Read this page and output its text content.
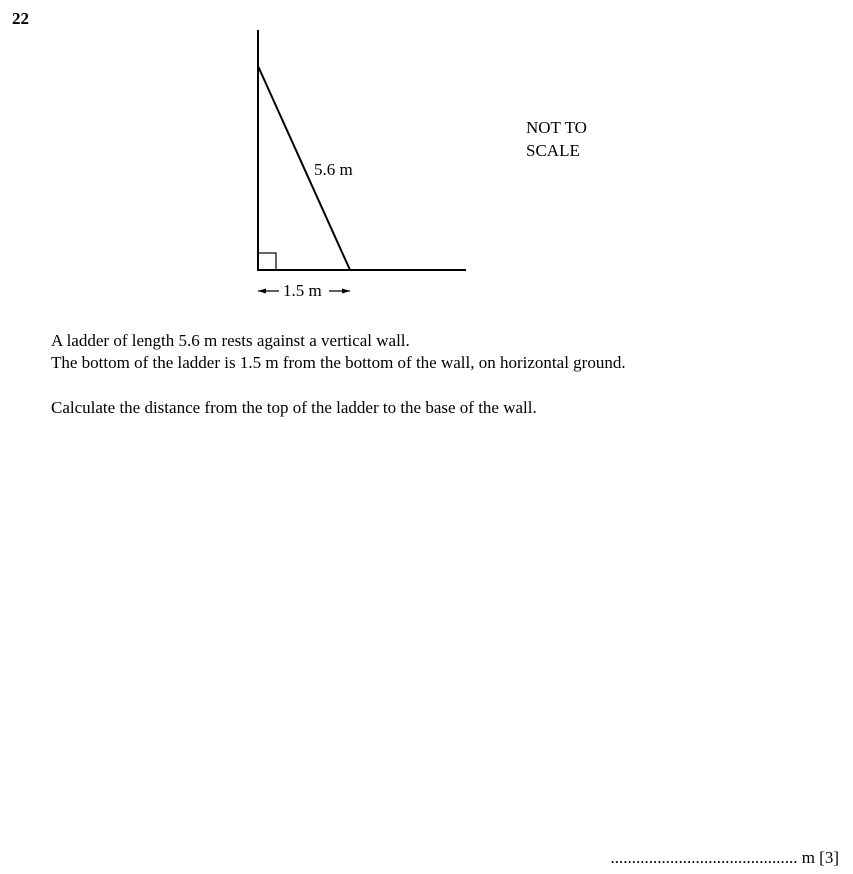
22
5.6 m
1.5 m
NOT TO
SCALE

A ladder of length 5.6 m rests against a vertical wall.

The bottom of the ladder is 1.5 m from the bottom of the wall, on horizontal ground.

Calculate the distance from the top of the ladder to the base of the wall.

............................................ m [3]
